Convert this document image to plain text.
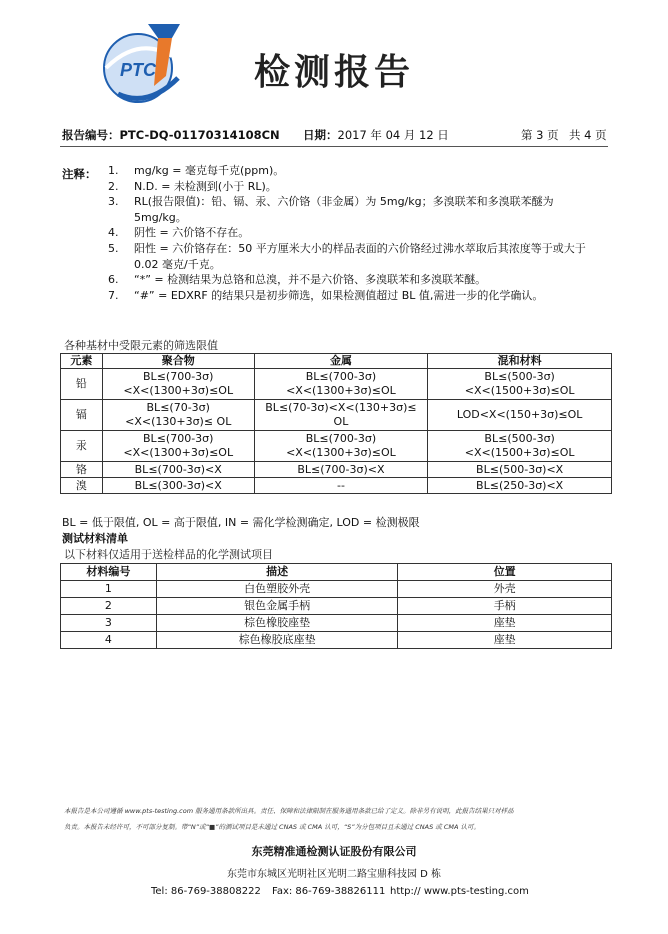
PTC	检测报告
报告编号：PTC-DQ-01170314108CN 日期：2017 年 04 月 12 日	第 3 页 共 4 页
注释： 1.	mg/kg = 毫克每千克(ppm)。
2.	N.D. = 未检测到(小于 RL)。
3.	RL(报告限值)：铅、镉、汞、六价铬（非金属）为 5mg/kg；多溴联苯和多溴联苯醚为 5mg/kg。
4.	阴性 = 六价铬不存在。
5.	阳性 = 六价铬存在：50 平方厘米大小的样品表面的六价铬经过沸水萃取后其浓度等于或大于 0.02 毫克/千克。
6.	“*” = 检测结果为总铬和总溴，并不是六价铬、多溴联苯和多溴联苯醚。
7.	“#” = EDXRF 的结果只是初步筛选，如果检测值超过 BL 值,需进一步的化学确认。
各种基材中受限元素的筛选限值
元素	聚合物	金属	混和材料
铅	BL≤(700-3σ)<X<(1300+3σ)≤OL	BL≤(700-3σ)<X<(1300+3σ)≤OL	BL≤(500-3σ)<X<(1500+3σ)≤OL
镉	BL≤(70-3σ)<X<(130+3σ)≤ OL	BL≤(70-3σ)<X<(130+3σ)≤ OL	LOD<X<(150+3σ)≤OL
汞	BL≤(700-3σ)<X<(1300+3σ)≤OL	BL≤(700-3σ)<X<(1300+3σ)≤OL	BL≤(500-3σ)<X<(1500+3σ)≤OL
铬	BL≤(700-3σ)<X	BL≤(700-3σ)<X	BL≤(500-3σ)<X
溴	BL≤(300-3σ)<X	--	BL≤(250-3σ)<X
BL = 低于限值, OL = 高于限值, IN = 需化学检测确定, LOD = 检测极限
测试材料清单
以下材料仅适用于送检样品的化学测试项目
材料编号	描述	位置
1	白色塑胶外壳	外壳
2	银色金属手柄	手柄
3	棕色橡胶座垫	座垫
4	棕色橡胶底座垫	座垫
本报告是本公司遵循 www.pts-testing.com 服务通用条款所出具。责任、保障和法律限制在服务通用条款已给了定义。除非另有说明，此报告结果只对样品
负责。本报告未经许可，不可部分复制。带“N”或“■”的测试项目是未通过 CNAS 或 CMA 认可，“S”为分包项目且未通过 CNAS 或 CMA 认可。
东莞精准通检测认证股份有限公司
东莞市东城区光明社区光明二路宝鼎科技园 D 栋
Tel: 86-769-38808222 Fax: 86-769-38826111 http:// www.pts-testing.com
